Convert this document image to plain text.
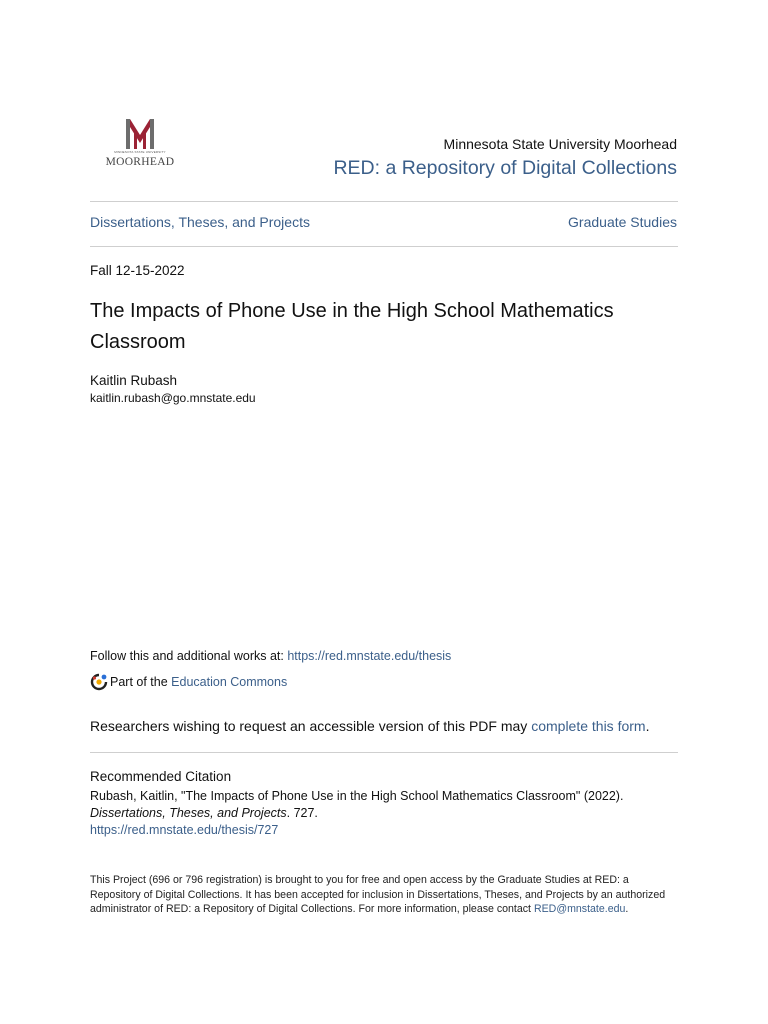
MINNESOTA STATE UNIVERSITY
MOORHEAD
Minnesota State University Moorhead
RED: a Repository of Digital Collections
Dissertations, Theses, and Projects	Graduate Studies
Fall 12-15-2022
The Impacts of Phone Use in the High School Mathematics Classroom
Kaitlin Rubash
kaitlin.rubash@go.mnstate.edu
Follow this and additional works at: https://red.mnstate.edu/thesis
Part of the
Education Commons
Researchers wishing to request an accessible version of this PDF may complete this form.
Recommended Citation
Rubash, Kaitlin, "The Impacts of Phone Use in the High School Mathematics Classroom" (2022).
Dissertations, Theses, and Projects. 727.
https://red.mnstate.edu/thesis/727
This Project (696 or 796 registration) is brought to you for free and open access by the Graduate Studies at RED: a Repository of Digital Collections. It has been accepted for inclusion in Dissertations, Theses, and Projects by an authorized administrator of RED: a Repository of Digital Collections. For more information, please contact RED@mnstate.edu.
